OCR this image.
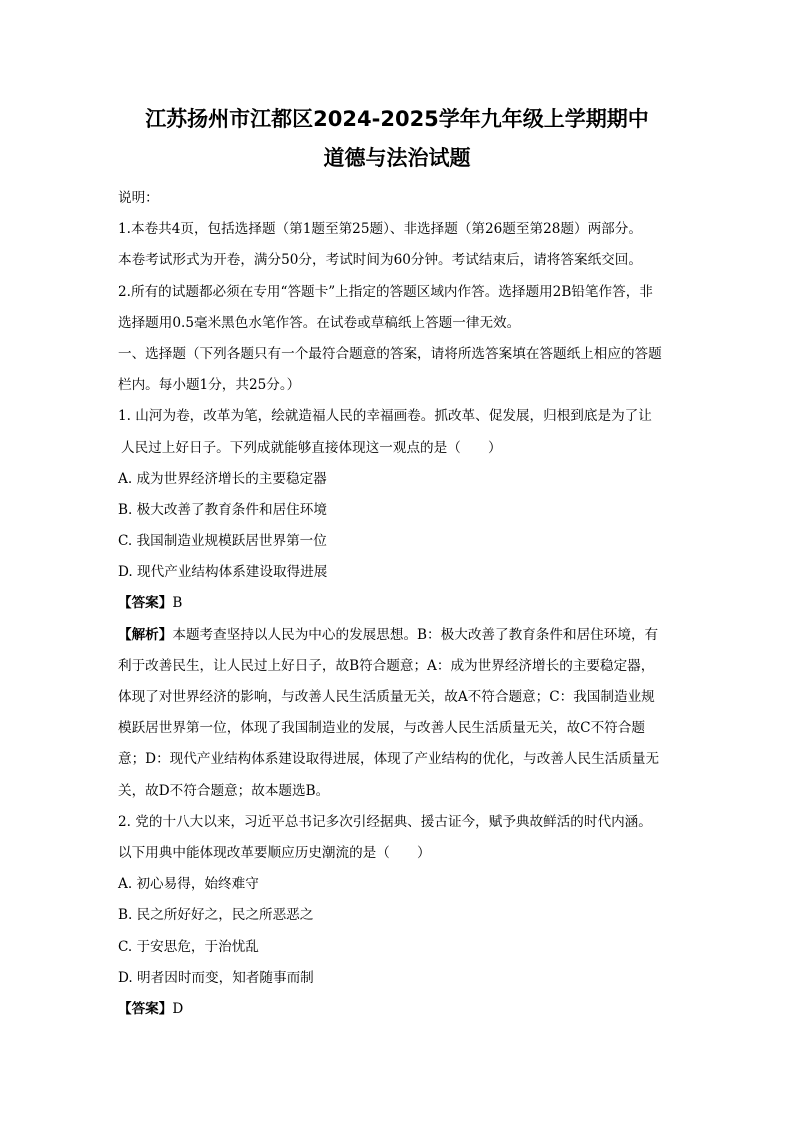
江苏扬州市江都区2024-2025学年九年级上学期期中
道德与法治试题
说明：
1.本卷共4页，包括选择题（第1题至第25题）、非选择题（第26题至第28题）两部分。
本卷考试形式为开卷，满分50分，考试时间为60分钟。考试结束后，请将答案纸交回。
2.所有的试题都必须在专用“答题卡”上指定的答题区域内作答。选择题用2B铅笔作答，非
选择题用0.5毫米黑色水笔作答。在试卷或草稿纸上答题一律无效。
一、选择题（下列各题只有一个最符合题意的答案，请将所选答案填在答题纸上相应的答题
栏内。每小题1分，共25分。）
1. 山河为卷，改革为笔，绘就造福人民的幸福画卷。抓改革、促发展，归根到底是为了让
人民过上好日子。下列成就能够直接体现这一观点的是（　　）
A. 成为世界经济增长的主要稳定器
B. 极大改善了教育条件和居住环境
C. 我国制造业规模跃居世界第一位
D. 现代产业结构体系建设取得进展
【答案】B
【解析】本题考查坚持以人民为中心的发展思想。B：极大改善了教育条件和居住环境，有
利于改善民生，让人民过上好日子，故B符合题意；A：成为世界经济增长的主要稳定器，
体现了对世界经济的影响，与改善人民生活质量无关，故A不符合题意；C：我国制造业规
模跃居世界第一位，体现了我国制造业的发展，与改善人民生活质量无关，故C不符合题
意；D：现代产业结构体系建设取得进展，体现了产业结构的优化，与改善人民生活质量无
关，故D不符合题意；故本题选B。
2. 党的十八大以来，习近平总书记多次引经据典、援古证今，赋予典故鲜活的时代内涵。
以下用典中能体现改革要顺应历史潮流的是（　　）
A. 初心易得，始终难守
B. 民之所好好之，民之所恶恶之
C. 于安思危，于治忧乱
D. 明者因时而变，知者随事而制
【答案】D
